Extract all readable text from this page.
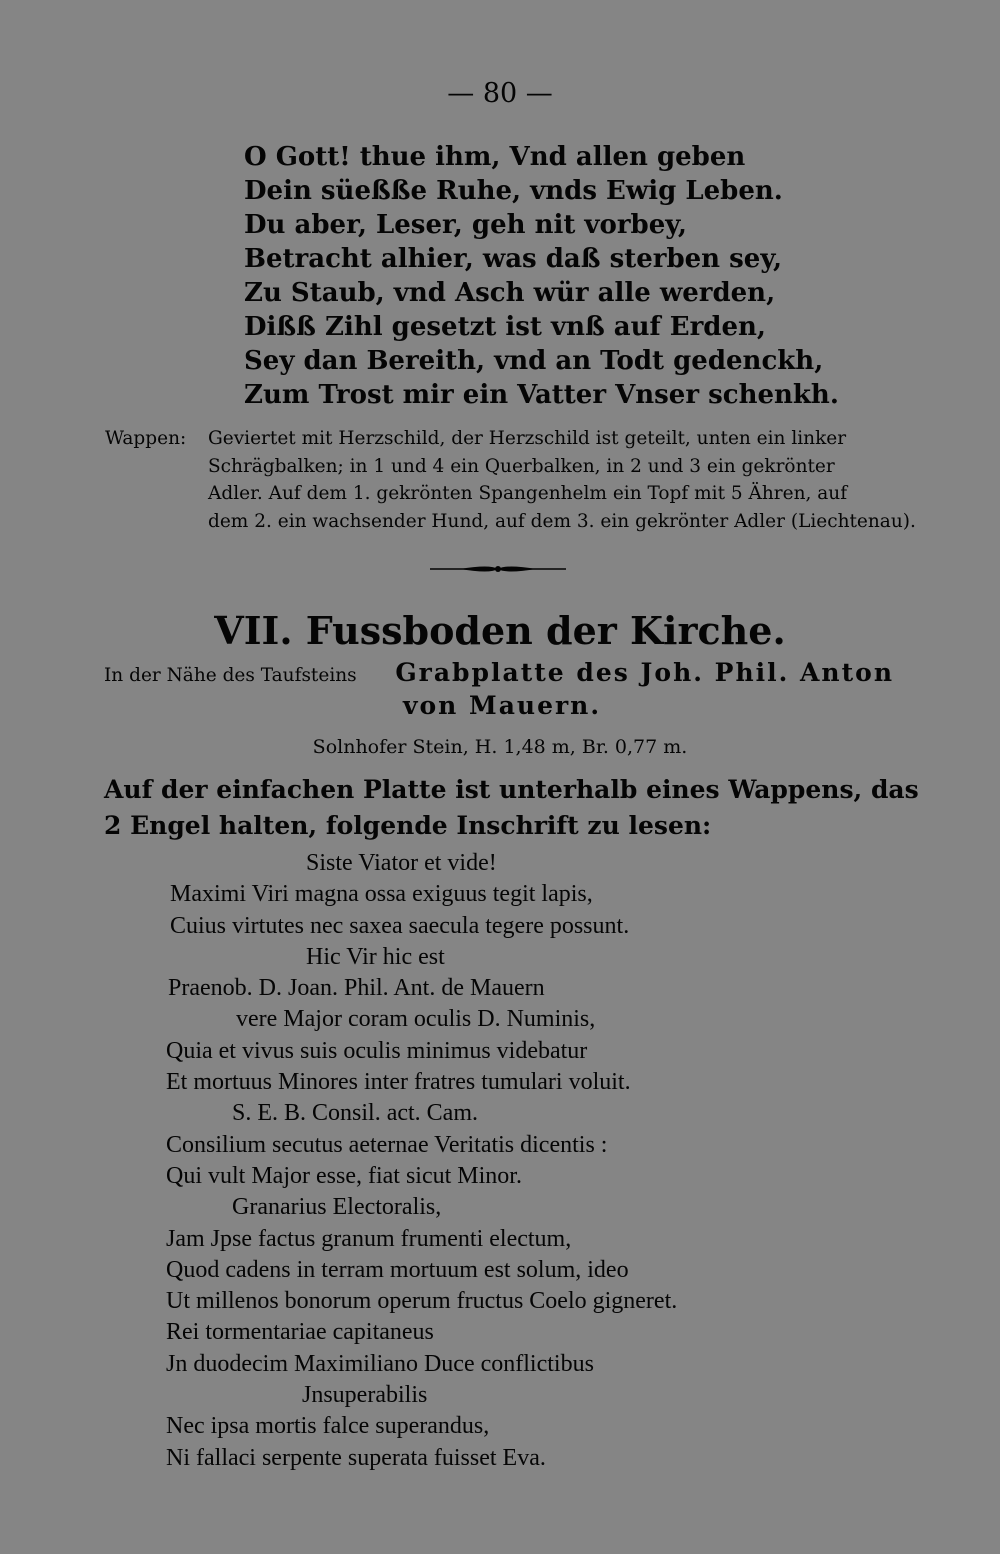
— 80 —
O Gott! thue ihm, Vnd allen geben
Dein süeßße Ruhe, vnds Ewig Leben.
Du aber, Leser, geh nit vorbey,
Betracht alhier, was daß sterben sey,
Zu Staub, vnd Asch wür alle werden,
Dißß Zihl gesetzt ist vnß auf Erden,
Sey dan Bereith, vnd an Todt gedenckh,
Zum Trost mir ein Vatter Vnser schenkh.
Wappen:	Geviertet mit Herzschild, der Herzschild ist geteilt, unten ein linker
Schrägbalken; in 1 und 4 ein Querbalken, in 2 und 3 ein gekrönter
Adler. Auf dem 1. gekrönten Spangenhelm ein Topf mit 5 Ähren, auf
dem 2. ein wachsender Hund, auf dem 3. ein gekrönter Adler (Liechtenau).
VII. Fussboden der Kirche.
In der Nähe des Taufsteins Grabplatte des Joh. Phil. Anton
von Mauern.
Solnhofer Stein, H. 1,48 m, Br. 0,77 m.
Auf der einfachen Platte ist unterhalb eines Wappens, das
2 Engel halten, folgende Inschrift zu lesen:
Siste Viator et vide!
Maximi Viri magna ossa exiguus tegit lapis,
Cuius virtutes nec saxea saecula tegere possunt.
Hic Vir hic est
Praenob. D. Joan. Phil. Ant. de Mauern
vere Major coram oculis D. Numinis,
Quia et vivus suis oculis minimus videbatur
Et mortuus Minores inter fratres tumulari voluit.
S. E. B. Consil. act. Cam.
Consilium secutus aeternae Veritatis dicentis :
Qui vult Major esse, fiat sicut Minor.
Granarius Electoralis,
Jam Jpse factus granum frumenti electum,
Quod cadens in terram mortuum est solum, ideo
Ut millenos bonorum operum fructus Coelo gigneret.
Rei tormentariae capitaneus
Jn duodecim Maximiliano Duce conflictibus
Jnsuperabilis
Nec ipsa mortis falce superandus,
Ni fallaci serpente superata fuisset Eva.
